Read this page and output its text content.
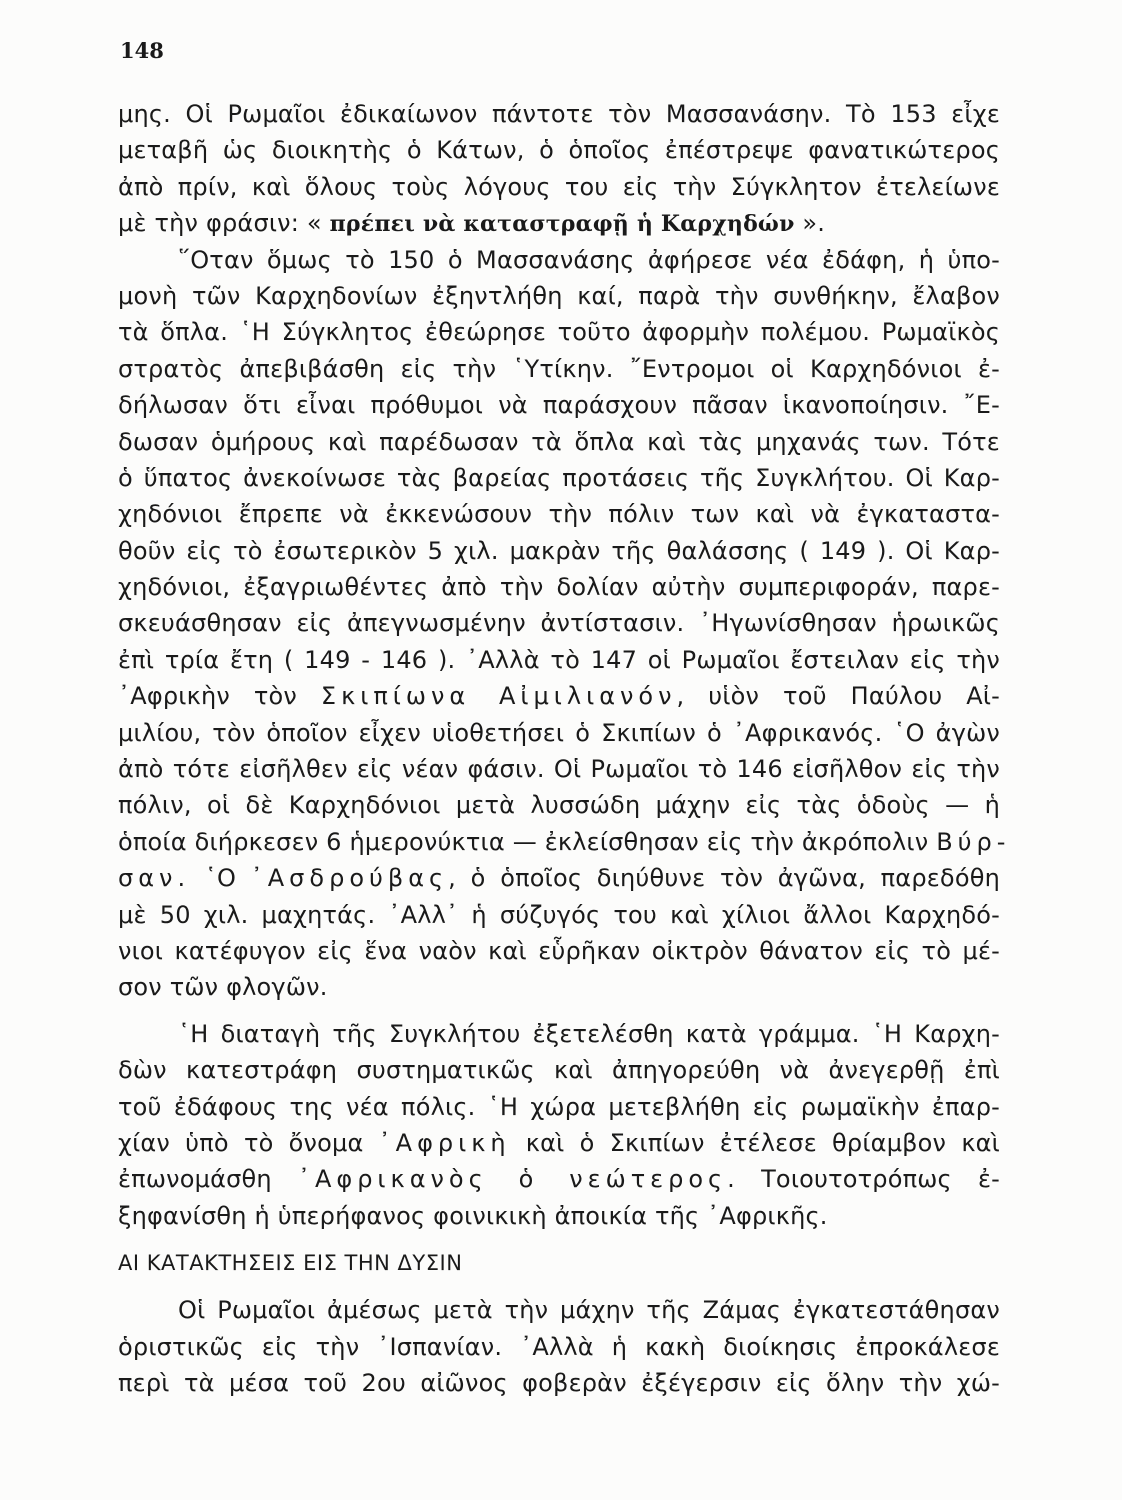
148
μης. Οἱ Ρωμαῖοι ἐδικαίωνον πάντοτε τὸν Μασσανάσην. Τὸ 153 εἶχε
μεταβῆ ὡς διοικητὴς ὁ Κάτων, ὁ ὁποῖος ἐπέστρεψε φανατικώτερος
ἀπὸ πρίν, καὶ ὅλους τοὺς λόγους του εἰς τὴν Σύγκλητον ἐτελείωνε
μὲ τὴν φράσιν: « πρέπει νὰ καταστραφῇ ἡ Καρχηδών ».
῞Οταν ὅμως τὸ 150 ὁ Μασσανάσης ἀφήρεσε νέα ἐδάφη, ἡ ὑπο-
μονὴ τῶν Καρχηδονίων ἐξηντλήθη καί, παρὰ τὴν συνθήκην, ἔλαβον
τὰ ὅπλα. ῾Η Σύγκλητος ἐθεώρησε τοῦτο ἀφορμὴν πολέμου. Ρωμαϊκὸς
στρατὸς ἀπεβιβάσθη εἰς τὴν ῾Υτίκην. ῎Εντρομοι οἱ Καρχηδόνιοι ἐ-
δήλωσαν ὅτι εἶναι πρόθυμοι νὰ παράσχουν πᾶσαν ἱκανοποίησιν. ῎Ε-
δωσαν ὁμήρους καὶ παρέδωσαν τὰ ὅπλα καὶ τὰς μηχανάς των. Τότε
ὁ ὕπατος ἀνεκοίνωσε τὰς βαρείας προτάσεις τῆς Συγκλήτου. Οἱ Καρ-
χηδόνιοι ἔπρεπε νὰ ἐκκενώσουν τὴν πόλιν των καὶ νὰ ἐγκαταστα-
θοῦν εἰς τὸ ἐσωτερικὸν 5 χιλ. μακρὰν τῆς θαλάσσης ( 149 ). Οἱ Καρ-
χηδόνιοι, ἐξαγριωθέντες ἀπὸ τὴν δολίαν αὐτὴν συμπεριφοράν, παρε-
σκευάσθησαν εἰς ἀπεγνωσμένην ἀντίστασιν. ᾿Ηγωνίσθησαν ἡρωικῶς
ἐπὶ τρία ἔτη ( 149 - 146 ). ᾿Αλλὰ τὸ 147 οἱ Ρωμαῖοι ἔστειλαν εἰς τὴν
᾿Αφρικὴν τὸν Σκιπίωνα Αἰμιλιανόν, υἱὸν τοῦ Παύλου Αἰ-
μιλίου, τὸν ὁποῖον εἶχεν υἱοθετήσει ὁ Σκιπίων ὁ ᾿Αφρικανός. ῾Ο ἀγὼν
ἀπὸ τότε εἰσῆλθεν εἰς νέαν φάσιν. Οἱ Ρωμαῖοι τὸ 146 εἰσῆλθον εἰς τὴν
πόλιν, οἱ δὲ Καρχηδόνιοι μετὰ λυσσώδη μάχην εἰς τὰς ὁδοὺς — ἡ
ὁποία διήρκεσεν 6 ἡμερονύκτια — ἐκλείσθησαν εἰς τὴν ἀκρόπολιν Βύρ-
σαν. ῾Ο ᾿Ασδρούβας, ὁ ὁποῖος διηύθυνε τὸν ἀγῶνα, παρεδόθη
μὲ 50 χιλ. μαχητάς. ᾿Αλλ᾿ ἡ σύζυγός του καὶ χίλιοι ἄλλοι Καρχηδό-
νιοι κατέφυγον εἰς ἕνα ναὸν καὶ εὗρῆκαν οἰκτρὸν θάνατον εἰς τὸ μέ-
σον τῶν φλογῶν.
῾Η διαταγὴ τῆς Συγκλήτου ἐξετελέσθη κατὰ γράμμα. ῾Η Καρχη-
δὼν κατεστράφη συστηματικῶς καὶ ἀπηγορεύθη νὰ ἀνεγερθῇ ἐπὶ
τοῦ ἐδάφους της νέα πόλις. ῾Η χώρα μετεβλήθη εἰς ρωμαϊκὴν ἐπαρ-
χίαν ὑπὸ τὸ ὄνομα ᾿Αφρικὴ καὶ ὁ Σκιπίων ἐτέλεσε θρίαμβον καὶ
ἐπωνομάσθη ᾿Αφρικανὸς ὁ νεώτερος. Τοιουτοτρόπως ἐ-
ξηφανίσθη ἡ ὑπερήφανος φοινικικὴ ἀποικία τῆς ᾿Αφρικῆς.
ΑΙ ΚΑΤΑΚΤΗΣΕΙΣ ΕΙΣ ΤΗΝ ΔΥΣΙΝ
Οἱ Ρωμαῖοι ἀμέσως μετὰ τὴν μάχην τῆς Ζάμας ἐγκατεστάθησαν
ὁριστικῶς εἰς τὴν ᾿Ισπανίαν. ᾿Αλλὰ ἡ κακὴ διοίκησις ἐπροκάλεσε
περὶ τὰ μέσα τοῦ 2ου αἰῶνος φοβερὰν ἐξέγερσιν εἰς ὅλην τὴν χώ-
